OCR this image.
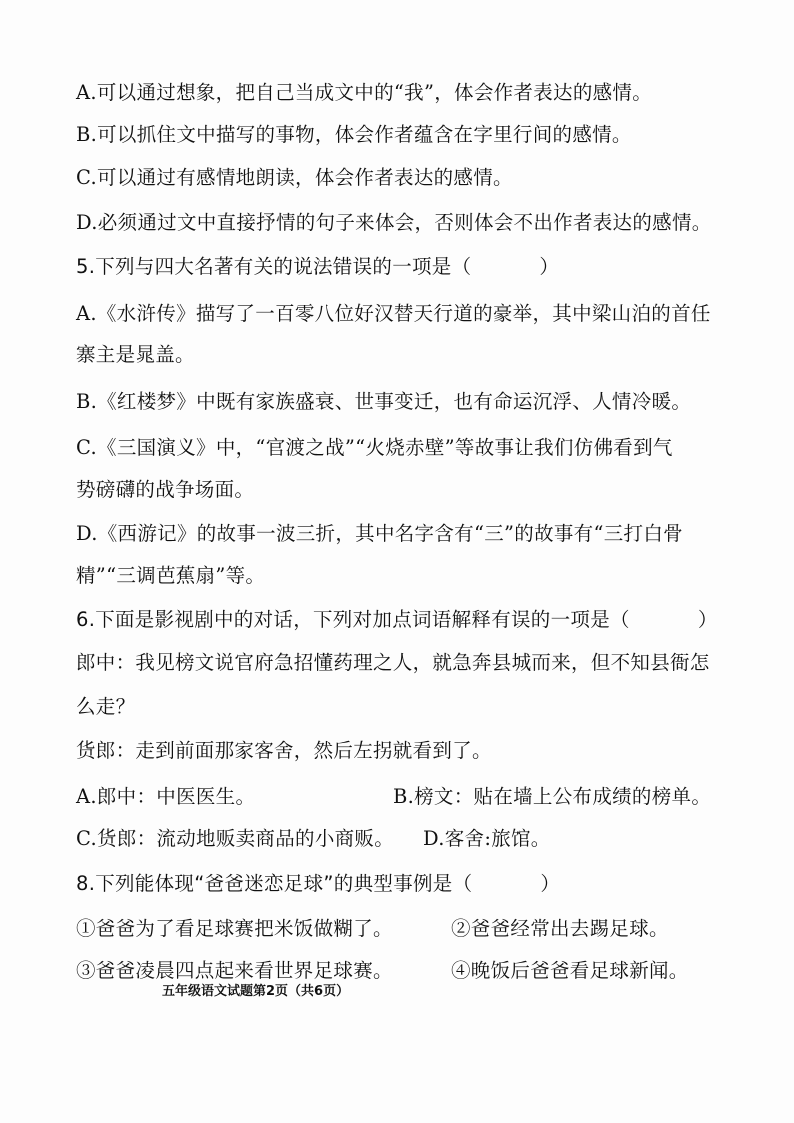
A.可以通过想象，把自己当成文中的“我”，体会作者表达的感情。
B.可以抓住文中描写的事物，体会作者蕴含在字里行间的感情。
C.可以通过有感情地朗读，体会作者表达的感情。
D.必须通过文中直接抒情的句子来体会，否则体会不出作者表达的感情。
5.下列与四大名著有关的说法错误的一项是（	）
A.《水浒传》描写了一百零八位好汉替天行道的豪举，其中梁山泊的首任
寨主是晁盖。
B.《红楼梦》中既有家族盛衰、世事变迁，也有命运沉浮、人情冷暖。
C.《三国演义》中，“官渡之战”“火烧赤壁”等故事让我们仿佛看到气
势磅礴的战争场面。
D.《西游记》的故事一波三折，其中名字含有“三”的故事有“三打白骨
精”“三调芭蕉扇”等。
6.下面是影视剧中的对话，下列对加点词语解释有误的一项是（	）
郎中：我见榜文说官府急招懂药理之人，就急奔县城而来，但不知县衙怎
么走？
货郎：走到前面那家客舍，然后左拐就看到了。
A.郎中：中医医生。	B.榜文：贴在墙上公布成绩的榜单。
C.货郎：流动地贩卖商品的小商贩。 D.客舍:旅馆。
8.下列能体现“爸爸迷恋足球”的典型事例是（	）
①爸爸为了看足球赛把米饭做糊了。	②爸爸经常出去踢足球。
③爸爸凌晨四点起来看世界足球赛。	④晚饭后爸爸看足球新闻。
五年级语文试题第2页（共6页）
